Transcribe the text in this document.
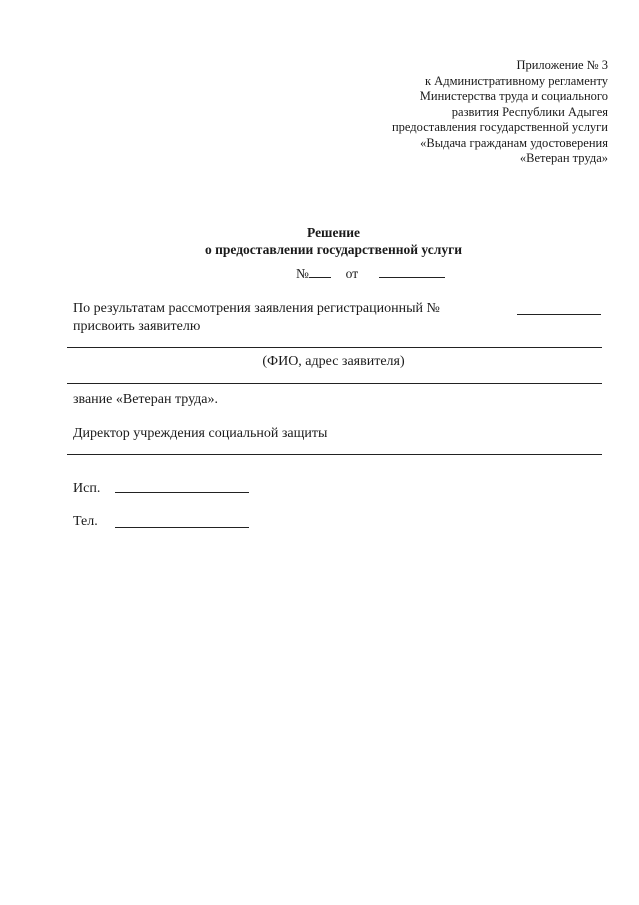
Приложение № 3
к Административному регламенту
Министерства труда и социального
развития Республики Адыгея
предоставления государственной услуги
«Выдача гражданам удостоверения
«Ветеран труда»
Решение
о предоставлении государственной услуги
№	от
По результатам рассмотрения заявления регистрационный №
присвоить заявителю
(ФИО, адрес заявителя)
звание «Ветеран труда».
Директор учреждения социальной защиты
Исп.
Тел.
